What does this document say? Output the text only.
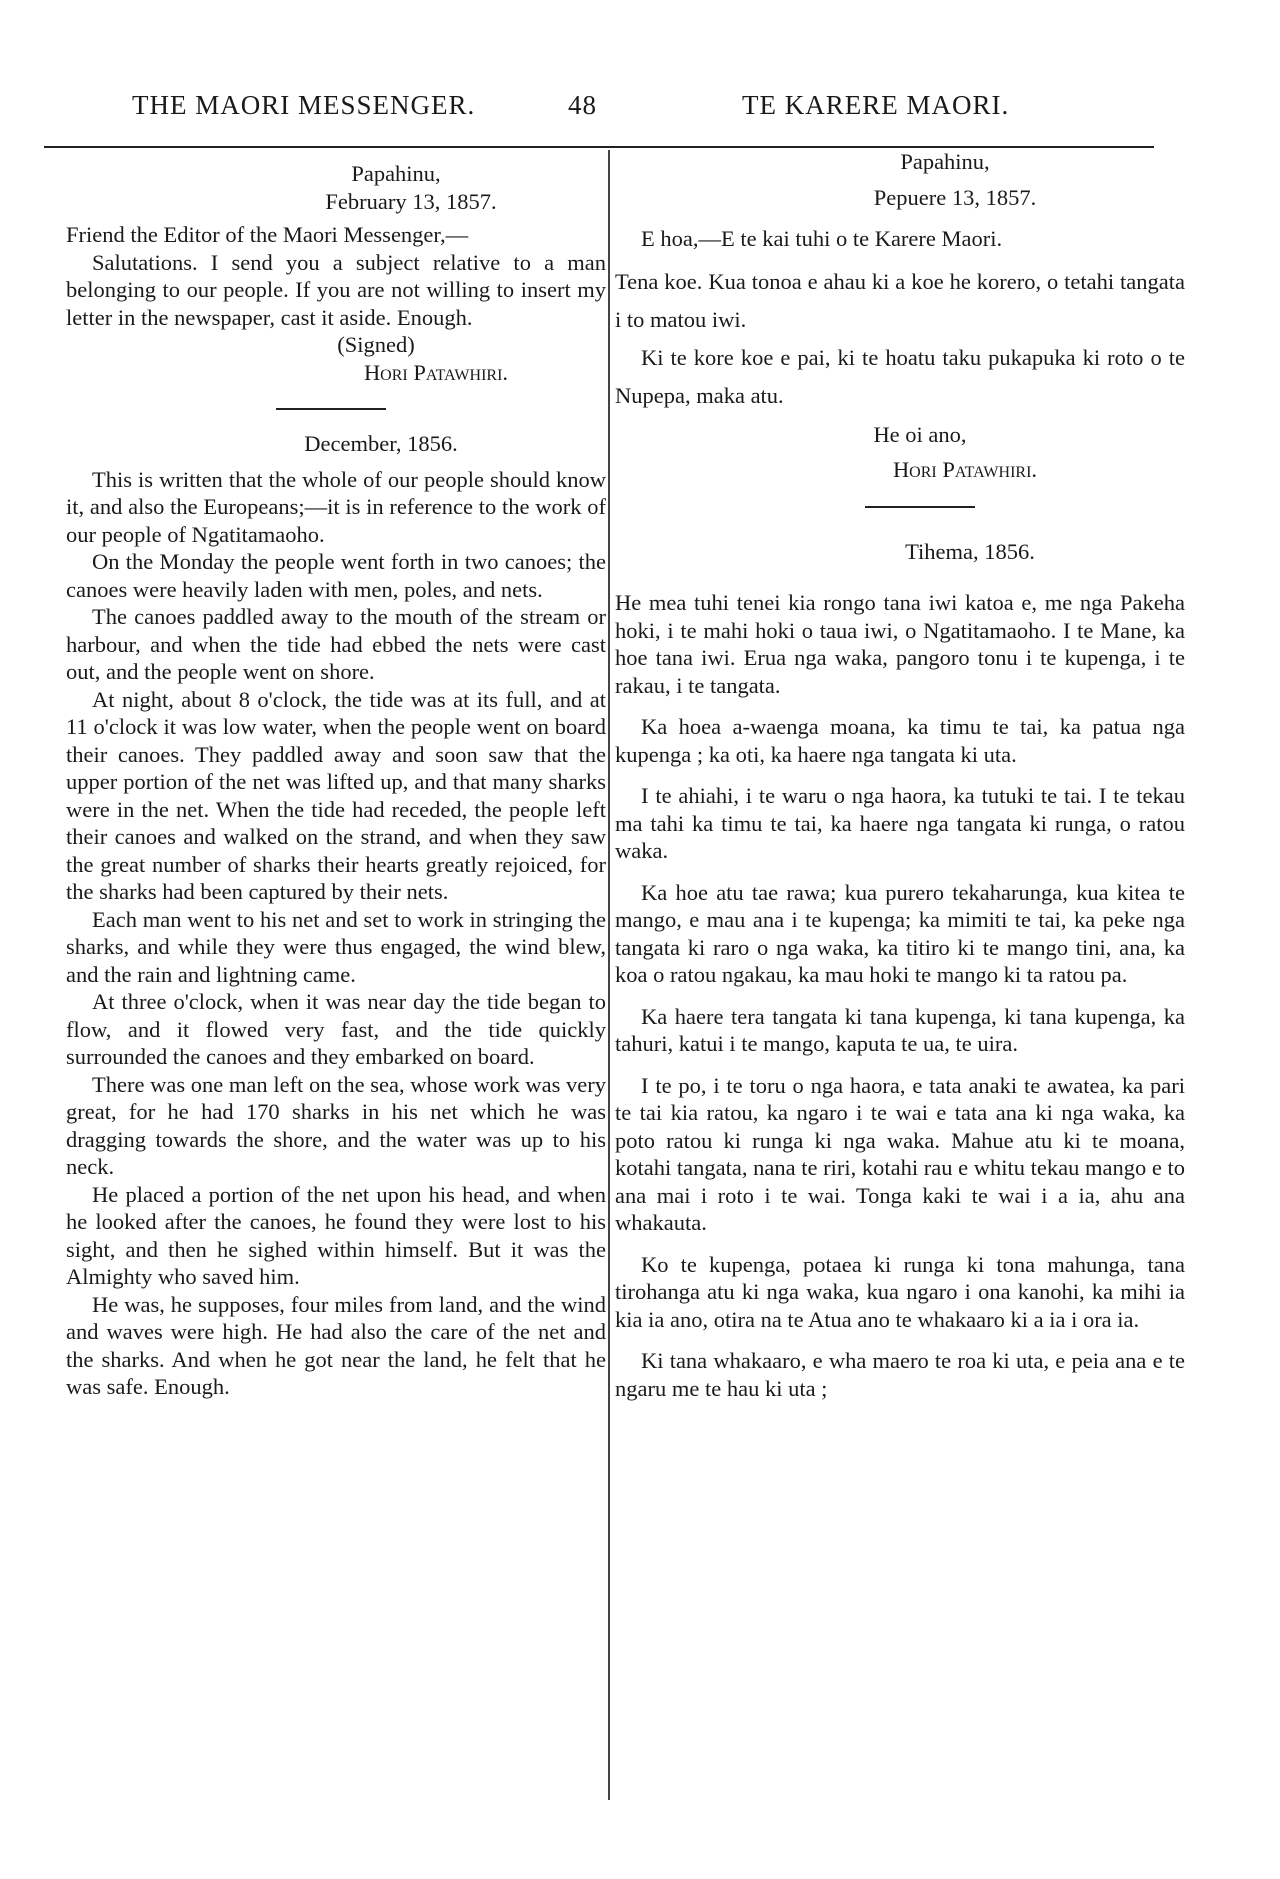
THE MAORI MESSENGER.	48	TE KARERE MAORI.

Papahinu,

February 13, 1857.

Friend the Editor of the Maori Messenger,—

Salutations. I send you a subject relative to a man belonging to our people. If you are not willing to insert my letter in the newspaper, cast it aside. Enough.

(Signed)

Hori Patawhiri.

December, 1856.

This is written that the whole of our people should know it, and also the Europeans;—it is in reference to the work of our people of Ngatitamaoho.

On the Monday the people went forth in two canoes; the canoes were heavily laden with men, poles, and nets.

The canoes paddled away to the mouth of the stream or harbour, and when the tide had ebbed the nets were cast out, and the people went on shore.

At night, about 8 o'clock, the tide was at its full, and at 11 o'clock it was low water, when the people went on board their canoes. They paddled away and soon saw that the upper portion of the net was lifted up, and that many sharks were in the net. When the tide had receded, the people left their canoes and walked on the strand, and when they saw the great number of sharks their hearts greatly rejoiced, for the sharks had been captured by their nets.

Each man went to his net and set to work in stringing the sharks, and while they were thus engaged, the wind blew, and the rain and lightning came.

At three o'clock, when it was near day the tide began to flow, and it flowed very fast, and the tide quickly surrounded the canoes and they embarked on board.

There was one man left on the sea, whose work was very great, for he had 170 sharks in his net which he was dragging towards the shore, and the water was up to his neck.

He placed a portion of the net upon his head, and when he looked after the canoes, he found they were lost to his sight, and then he sighed within himself. But it was the Almighty who saved him.

He was, he supposes, four miles from land, and the wind and waves were high. He had also the care of the net and the sharks. And when he got near the land, he felt that he was safe. Enough.

Papahinu,

Pepuere 13, 1857.

E hoa,—E te kai tuhi o te Karere Maori.

Tena koe. Kua tonoa e ahau ki a koe he korero, o tetahi tangata i to matou iwi.

Ki te kore koe e pai, ki te hoatu taku pukapuka ki roto o te Nupepa, maka atu.

He oi ano,

Hori Patawhiri.

Tihema, 1856.

He mea tuhi tenei kia rongo tana iwi katoa e, me nga Pakeha hoki, i te mahi hoki o taua iwi, o Ngatitamaoho. I te Mane, ka hoe tana iwi. Erua nga waka, pangoro tonu i te kupenga, i te rakau, i te tangata.

Ka hoea a-waenga moana, ka timu te tai, ka patua nga kupenga ; ka oti, ka haere nga tangata ki uta.

I te ahiahi, i te waru o nga haora, ka tutuki te tai. I te tekau ma tahi ka timu te tai, ka haere nga tangata ki runga, o ratou waka.

Ka hoe atu tae rawa; kua purero tekaharunga, kua kitea te mango, e mau ana i te kupenga; ka mimiti te tai, ka peke nga tangata ki raro o nga waka, ka titiro ki te mango tini, ana, ka koa o ratou ngakau, ka mau hoki te mango ki ta ratou pa.

Ka haere tera tangata ki tana kupenga, ki tana kupenga, ka tahuri, katui i te mango, kaputa te ua, te uira.

I te po, i te toru o nga haora, e tata anaki te awatea, ka pari te tai kia ratou, ka ngaro i te wai e tata ana ki nga waka, ka poto ratou ki runga ki nga waka. Mahue atu ki te moana, kotahi tangata, nana te riri, kotahi rau e whitu tekau mango e to ana mai i roto i te wai. Tonga kaki te wai i a ia, ahu ana whakauta.

Ko te kupenga, potaea ki runga ki tona mahunga, tana tirohanga atu ki nga waka, kua ngaro i ona kanohi, ka mihi ia kia ia ano, otira na te Atua ano te whakaaro ki a ia i ora ia.

Ki tana whakaaro, e wha maero te roa ki uta, e peia ana e te ngaru me te hau ki uta ;
